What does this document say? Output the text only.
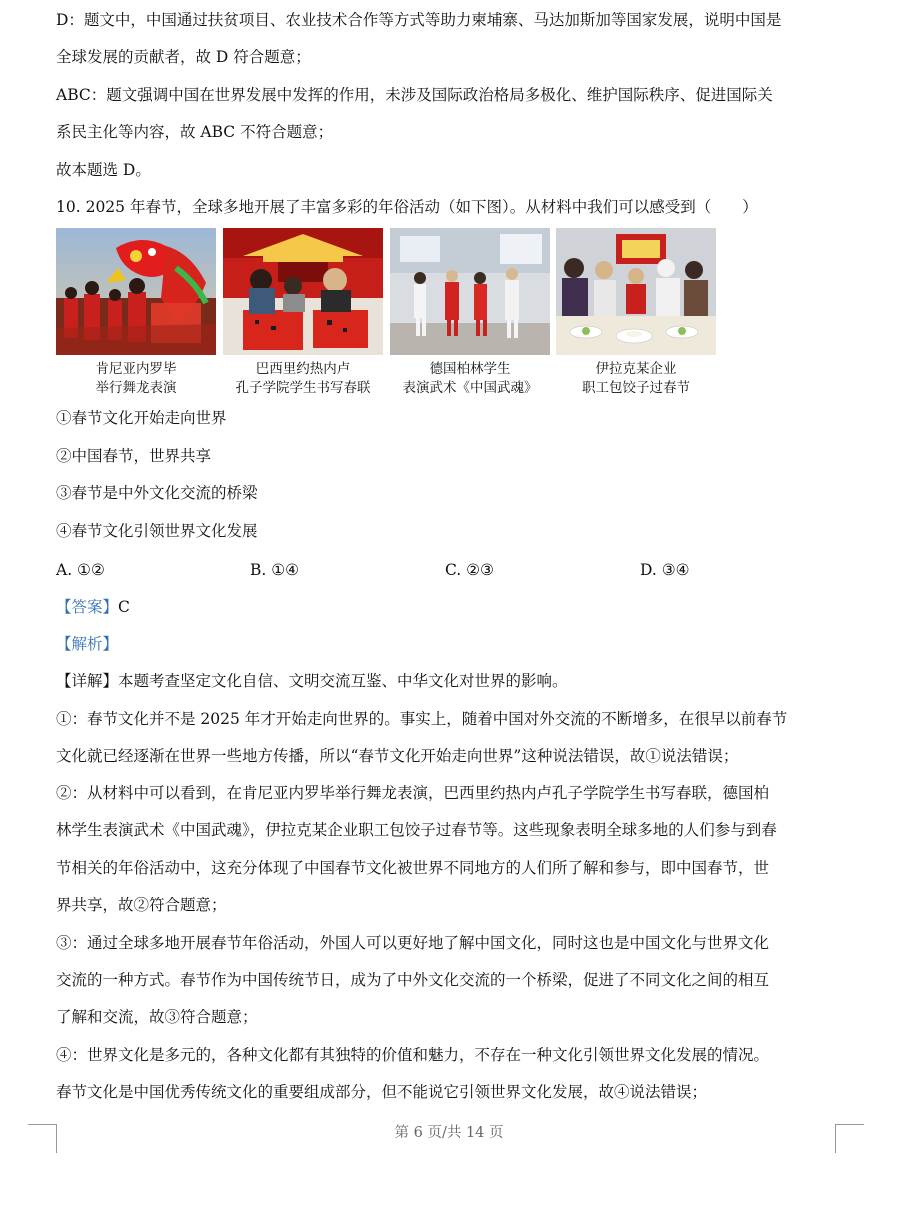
D：题文中，中国通过扶贫项目、农业技术合作等方式等助力柬埔寨、马达加斯加等国家发展，说明中国是
全球发展的贡献者，故 D 符合题意；
ABC：题文强调中国在世界发展中发挥的作用，未涉及国际政治格局多极化、维护国际秩序、促进国际关
系民主化等内容，故 ABC 不符合题意；
故本题选 D。
10. 2025 年春节，全球多地开展了丰富多彩的年俗活动（如下图）。从材料中我们可以感受到（　　）
肯尼亚内罗毕
举行舞龙表演
巴西里约热内卢
孔子学院学生书写春联
德国柏林学生
表演武术《中国武魂》
伊拉克某企业
职工包饺子过春节
①春节文化开始走向世界
②中国春节，世界共享
③春节是中外文化交流的桥梁
④春节文化引领世界文化发展
A. ①②	B. ①④	C. ②③	D. ③④
【答案】C
【解析】
【详解】本题考查坚定文化自信、文明交流互鉴、中华文化对世界的影响。
①：春节文化并不是 2025 年才开始走向世界的。事实上，随着中国对外交流的不断增多，在很早以前春节
文化就已经逐渐在世界一些地方传播，所以“春节文化开始走向世界”这种说法错误，故①说法错误；
②：从材料中可以看到，在肯尼亚内罗毕举行舞龙表演，巴西里约热内卢孔子学院学生书写春联，德国柏
林学生表演武术《中国武魂》，伊拉克某企业职工包饺子过春节等。这些现象表明全球多地的人们参与到春
节相关的年俗活动中，这充分体现了中国春节文化被世界不同地方的人们所了解和参与，即中国春节，世
界共享，故②符合题意；
③：通过全球多地开展春节年俗活动，外国人可以更好地了解中国文化，同时这也是中国文化与世界文化
交流的一种方式。春节作为中国传统节日，成为了中外文化交流的一个桥梁，促进了不同文化之间的相互
了解和交流，故③符合题意；
④：世界文化是多元的，各种文化都有其独特的价值和魅力，不存在一种文化引领世界文化发展的情况。
春节文化是中国优秀传统文化的重要组成部分，但不能说它引领世界文化发展，故④说法错误；
第 6 页/共 14 页
